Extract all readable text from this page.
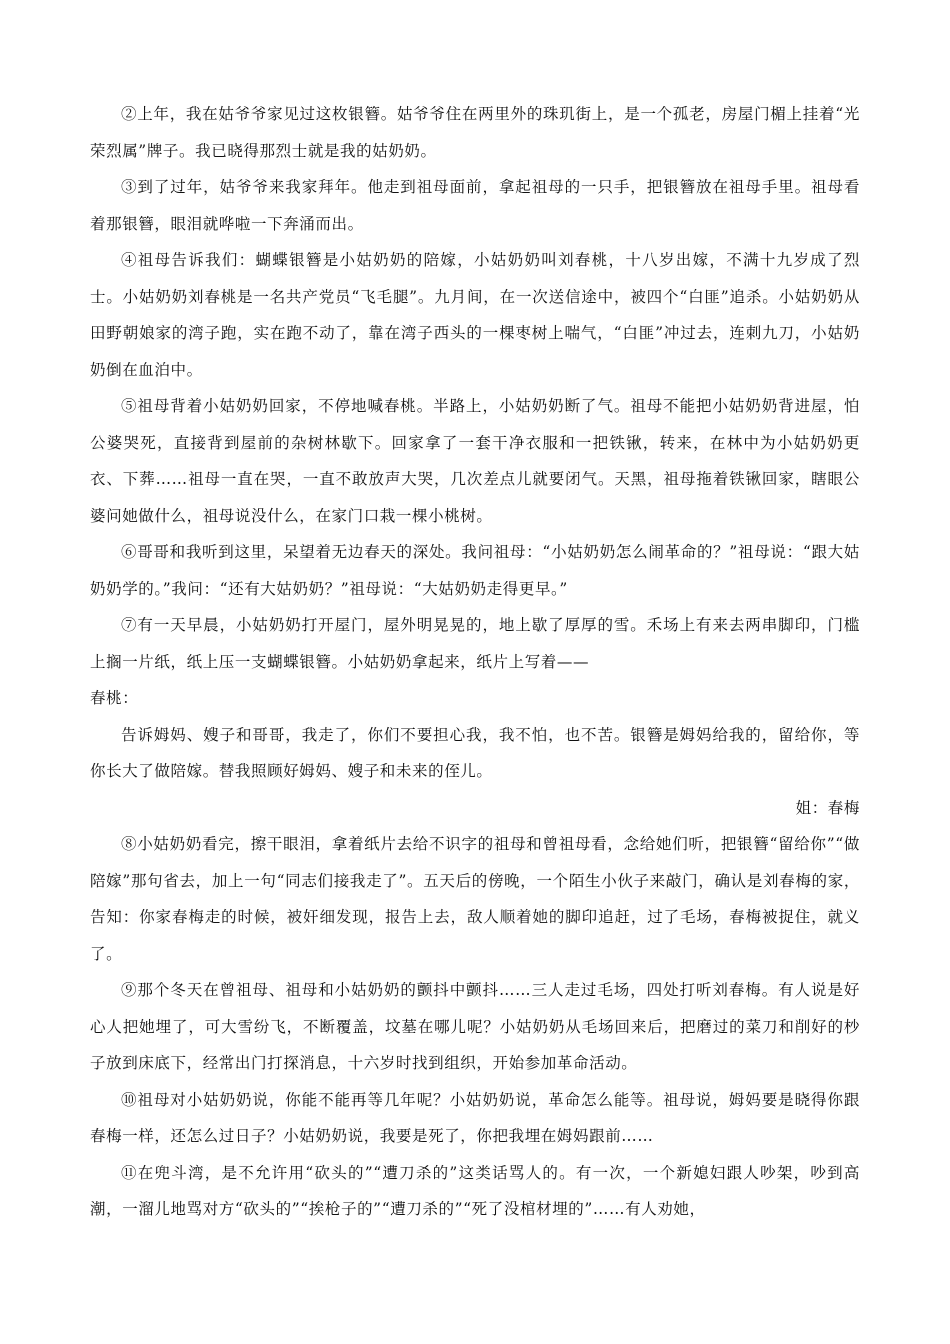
②上年，我在姑爷爷家见过这枚银簪。姑爷爷住在两里外的珠玑街上，是一个孤老，房屋门楣上挂着“光荣烈属”牌子。我已晓得那烈士就是我的姑奶奶。

③到了过年，姑爷爷来我家拜年。他走到祖母面前，拿起祖母的一只手，把银簪放在祖母手里。祖母看着那银簪，眼泪就哗啦一下奔涌而出。

④祖母告诉我们：蝴蝶银簪是小姑奶奶的陪嫁，小姑奶奶叫刘春桃，十八岁出嫁，不满十九岁成了烈士。小姑奶奶刘春桃是一名共产党员“飞毛腿”。九月间，在一次送信途中，被四个“白匪”追杀。小姑奶奶从田野朝娘家的湾子跑，实在跑不动了，靠在湾子西头的一棵枣树上喘气，“白匪”冲过去，连刺九刀，小姑奶奶倒在血泊中。

⑤祖母背着小姑奶奶回家，不停地喊春桃。半路上，小姑奶奶断了气。祖母不能把小姑奶奶背进屋，怕公婆哭死，直接背到屋前的杂树林歇下。回家拿了一套干净衣服和一把铁锹，转来，在林中为小姑奶奶更衣、下葬……祖母一直在哭，一直不敢放声大哭，几次差点儿就要闭气。天黑，祖母拖着铁锹回家，瞎眼公婆问她做什么，祖母说没什么，在家门口栽一棵小桃树。

⑥哥哥和我听到这里，呆望着无边春天的深处。我问祖母：“小姑奶奶怎么闹革命的？”祖母说：“跟大姑奶奶学的。”我问：“还有大姑奶奶？”祖母说：“大姑奶奶走得更早。”

⑦有一天早晨，小姑奶奶打开屋门，屋外明晃晃的，地上歇了厚厚的雪。禾场上有来去两串脚印，门槛上搁一片纸，纸上压一支蝴蝶银簪。小姑奶奶拿起来，纸片上写着——

春桃：

告诉姆妈、嫂子和哥哥，我走了，你们不要担心我，我不怕，也不苦。银簪是姆妈给我的，留给你，等你长大了做陪嫁。替我照顾好姆妈、嫂子和未来的侄儿。

姐：春梅

⑧小姑奶奶看完，擦干眼泪，拿着纸片去给不识字的祖母和曾祖母看，念给她们听，把银簪“留给你”“做陪嫁”那句省去，加上一句“同志们接我走了”。五天后的傍晚，一个陌生小伙子来敲门，确认是刘春梅的家，告知：你家春梅走的时候，被奸细发现，报告上去，敌人顺着她的脚印追赶，过了毛场，春梅被捉住，就义了。

⑨那个冬天在曾祖母、祖母和小姑奶奶的颤抖中颤抖……三人走过毛场，四处打听刘春梅。有人说是好心人把她埋了，可大雪纷飞，不断覆盖，坟墓在哪儿呢？小姑奶奶从毛场回来后，把磨过的菜刀和削好的杪子放到床底下，经常出门打探消息，十六岁时找到组织，开始参加革命活动。

⑩祖母对小姑奶奶说，你能不能再等几年呢？小姑奶奶说，革命怎么能等。祖母说，姆妈要是晓得你跟春梅一样，还怎么过日子？小姑奶奶说，我要是死了，你把我埋在姆妈跟前……

⑪在兜斗湾，是不允许用“砍头的”“遭刀杀的”这类话骂人的。有一次，一个新媳妇跟人吵架，吵到高潮，一溜儿地骂对方“砍头的”“挨枪子的”“遭刀杀的”“死了没棺材埋的”……有人劝她，
